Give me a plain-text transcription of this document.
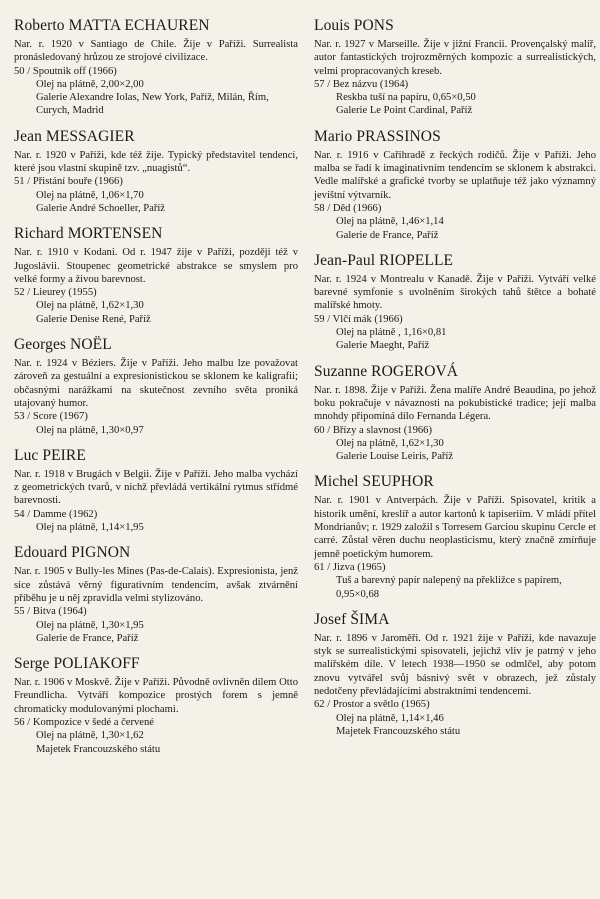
Roberto MATTA ECHAUREN

Nar. r. 1920 v Santiago de Chile. Žije v Paříži. Surrealista pronásledovaný hrůzou ze strojové civilizace.

50 / Spoutnik off (1966)

Olej na plátně, 2,00×2,00

Galerie Alexandre Iolas, New York, Paříž, Milán, Řím, Curych, Madrid

Jean MESSAGIER

Nar. r. 1920 v Paříži, kde též žije. Typický představitel tendencí, které jsou vlastní skupině tzv. „nuagistů“.

51 / Přistání bouře (1966)

Olej na plátně, 1,06×1,70

Galerie André Schoeller, Paříž

Richard MORTENSEN

Nar. r. 1910 v Kodani. Od r. 1947 žije v Paříži, později též v Jugoslávii. Stoupenec geometrické abstrakce se smyslem pro velké formy a živou barevnost.

52 / Lieurey (1955)

Olej na plátně, 1,62×1,30

Galerie Denise René, Paříž

Georges NOËL

Nar. r. 1924 v Béziers. Žije v Paříži. Jeho malbu lze považovat zároveň za gestuální a expresionistickou se sklonem ke kaligrafii; občasnými narážkami na skutečnost zevního světa proniká utajovaný humor.

53 / Score (1967)

Olej na plátně, 1,30×0,97

Luc PEIRE

Nar. r. 1918 v Brugách v Belgii. Žije v Paříži. Jeho malba vychází z geometrických tvarů, v nichž převládá vertikální rytmus střídmé barevnosti.

54 / Damme (1962)

Olej na plátně, 1,14×1,95

Edouard PIGNON

Nar. r. 1905 v Bully-les Mines (Pas-de-Calais). Expresionista, jenž sice zůstává věrný figurativním tendencím, avšak ztvárnění příběhu je u něj zpravidla velmi stylizováno.

55 / Bitva (1964)

Olej na plátně, 1,30×1,95

Galerie de France, Paříž

Serge POLIAKOFF

Nar. r. 1906 v Moskvě. Žije v Paříži. Původně ovlivněn dílem Otto Freundlicha. Vytváří kompozice prostých forem s jemně chromaticky modulovanými plochami.

56 / Kompozice v šedé a červené

Olej na plátně, 1,30×1,62

Majetek Francouzského státu

Louis PONS

Nar. r. 1927 v Marseille. Žije v jižní Francii. Provençalský malíř, autor fantastických trojrozměrných kompozic a surrealistických, velmi propracovaných kreseb.

57 / Bez názvu (1964)

Reskba tuší na papíru, 0,65×0,50

Galerie Le Point Cardinal, Paříž

Mario PRASSINOS

Nar. r. 1916 v Cařihradě z řeckých rodičů. Žije v Paříži. Jeho malba se řadí k imaginativním tendencím se sklonem k abstrakci. Vedle malířské a grafické tvorby se uplatňuje též jako významný jevištní výtvarník.

58 / Děd (1966)

Olej na plátně, 1,46×1,14

Galerie de France, Paříž

Jean-Paul RIOPELLE

Nar. r. 1924 v Montrealu v Kanadě. Žije v Paříži. Vytváří velké barevné symfonie s uvolněním širokých tahů štětce a bohaté malířské hmoty.

59 / Vlčí mák (1966)

Olej na plátně , 1,16×0,81

Galerie Maeght, Paříž

Suzanne ROGEROVÁ

Nar. r. 1898. Žije v Paříži. Žena malíře André Beaudina, po jehož boku pokračuje v návaznosti na pokubistické tradice; její malba mnohdy připomíná dílo Fernanda Légera.

60 / Břízy a slavnost (1966)

Olej na plátně, 1,62×1,30

Galerie Louise Leiris, Paříž

Michel SEUPHOR

Nar. r. 1901 v Antverpách. Žije v Paříži. Spisovatel, kritik a historik umění, kreslíř a autor kartonů k tapiseriím. V mládí přítel Mondrianův; r. 1929 založil s Torresem Garciou skupinu Cercle et carré. Zůstal věren duchu neoplasticismu, který značně zmírňuje jemně poetickým humorem.

61 / Jizva (1965)

Tuš a barevný papír nalepený na překližce s papírem, 0,95×0,68

Josef ŠIMA

Nar. r. 1896 v Jaroměři. Od r. 1921 žije v Paříži, kde navazuje styk se surrealistickými spisovateli, jejichž vliv je patrný v jeho malířském díle. V letech 1938—1950 se odmlčel, aby potom znovu vytvářel svůj básnivý svět v obrazech, jež zůstaly nedotčeny převládajícími abstraktními tendencemi.

62 / Prostor a světlo (1965)

Olej na plátně, 1,14×1,46

Majetek Francouzského státu
